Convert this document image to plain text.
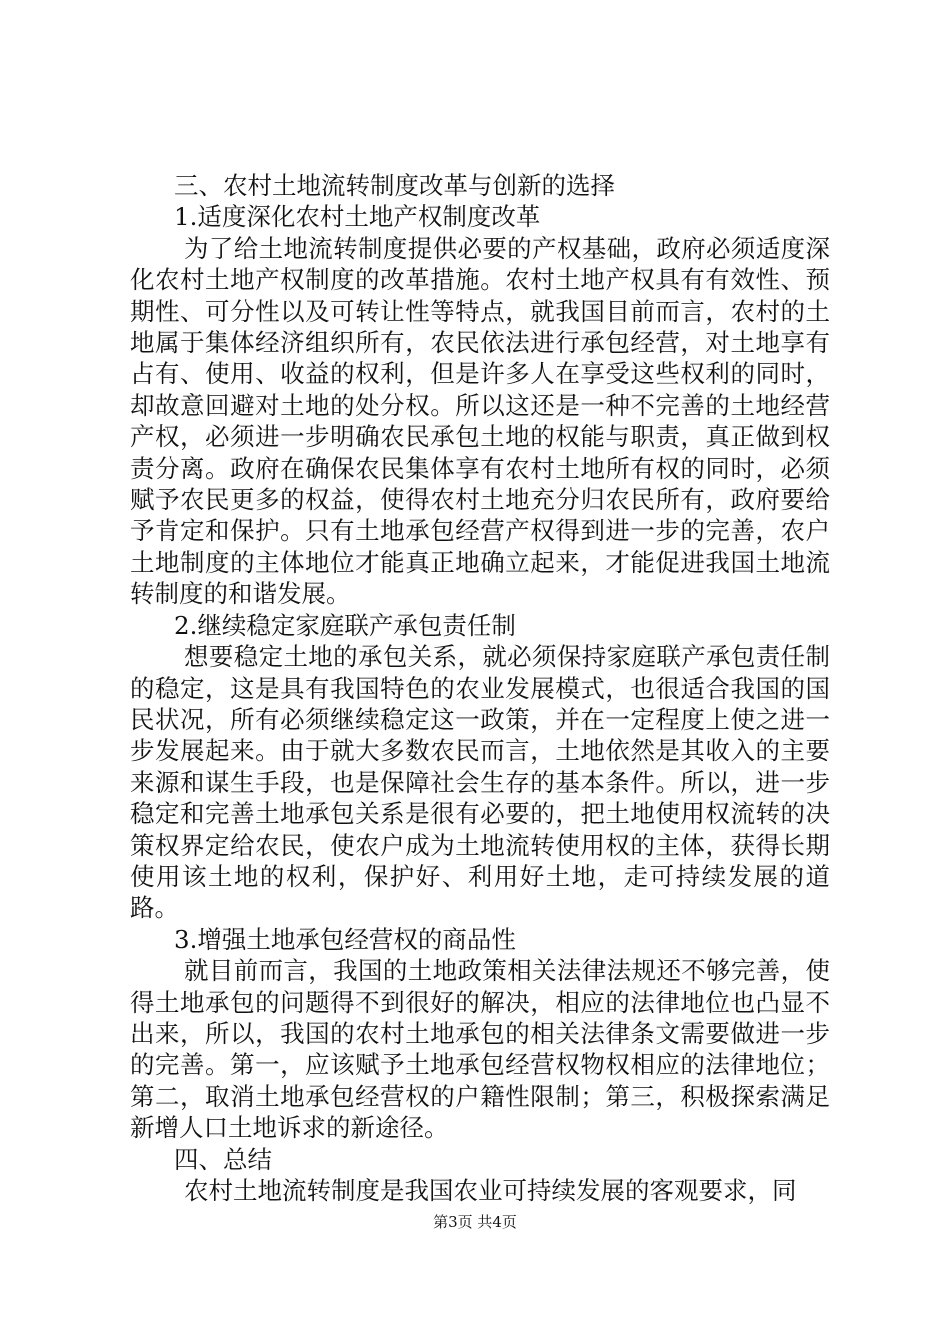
三、农村土地流转制度改革与创新的选择

1.适度深化农村土地产权制度改革

为了给土地流转制度提供必要的产权基础，政府必须适度深化农村土地产权制度的改革措施。农村土地产权具有有效性、预期性、可分性以及可转让性等特点，就我国目前而言，农村的土地属于集体经济组织所有，农民依法进行承包经营，对土地享有占有、使用、收益的权利，但是许多人在享受这些权利的同时，却故意回避对土地的处分权。所以这还是一种不完善的土地经营产权，必须进一步明确农民承包土地的权能与职责，真正做到权责分离。政府在确保农民集体享有农村土地所有权的同时，必须赋予农民更多的权益，使得农村土地充分归农民所有，政府要给予肯定和保护。只有土地承包经营产权得到进一步的完善，农户土地制度的主体地位才能真正地确立起来，才能促进我国土地流转制度的和谐发展。

2.继续稳定家庭联产承包责任制

想要稳定土地的承包关系，就必须保持家庭联产承包责任制的稳定，这是具有我国特色的农业发展模式，也很适合我国的国民状况，所有必须继续稳定这一政策，并在一定程度上使之进一步发展起来。由于就大多数农民而言，土地依然是其收入的主要来源和谋生手段，也是保障社会生存的基本条件。所以，进一步稳定和完善土地承包关系是很有必要的，把土地使用权流转的决策权界定给农民，使农户成为土地流转使用权的主体，获得长期使用该土地的权利，保护好、利用好土地，走可持续发展的道路。

3.增强土地承包经营权的商品性

就目前而言，我国的土地政策相关法律法规还不够完善，使得土地承包的问题得不到很好的解决，相应的法律地位也凸显不出来，所以，我国的农村土地承包的相关法律条文需要做进一步的完善。第一，应该赋予土地承包经营权物权相应的法律地位；第二，取消土地承包经营权的户籍性限制；第三，积极探索满足新增人口土地诉求的新途径。

四、总结

农村土地流转制度是我国农业可持续发展的客观要求，同

第3页 共4页
